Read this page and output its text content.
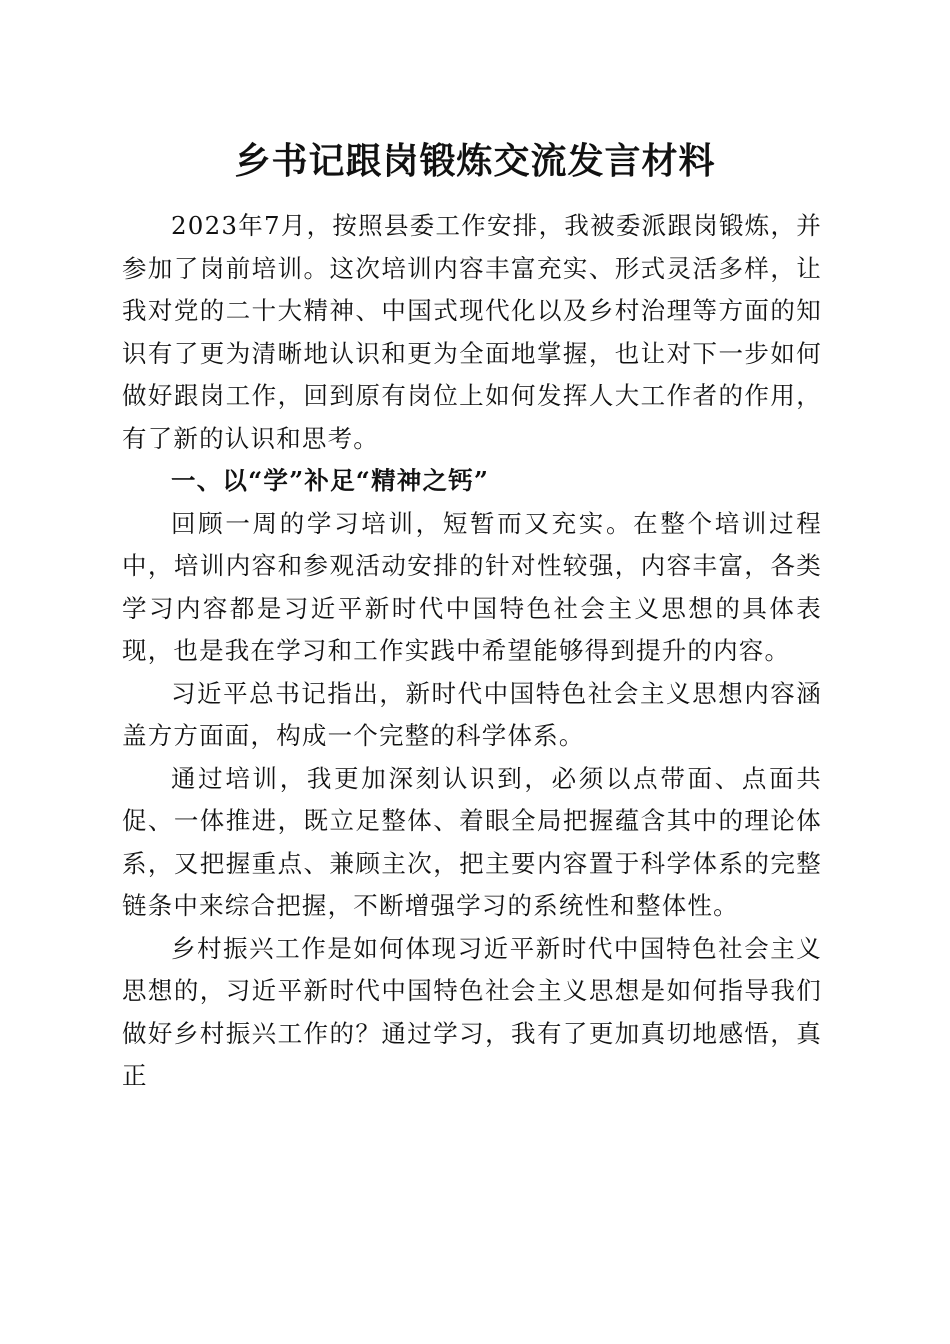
乡书记跟岗锻炼交流发言材料

2023年7月，按照县委工作安排，我被委派跟岗锻炼，并参加了岗前培训。这次培训内容丰富充实、形式灵活多样，让我对党的二十大精神、中国式现代化以及乡村治理等方面的知识有了更为清晰地认识和更为全面地掌握，也让对下一步如何做好跟岗工作，回到原有岗位上如何发挥人大工作者的作用，有了新的认识和思考。

一、以“学”补足“精神之钙”

回顾一周的学习培训，短暂而又充实。在整个培训过程中，培训内容和参观活动安排的针对性较强，内容丰富，各类学习内容都是习近平新时代中国特色社会主义思想的具体表现，也是我在学习和工作实践中希望能够得到提升的内容。

习近平总书记指出，新时代中国特色社会主义思想内容涵盖方方面面，构成一个完整的科学体系。

通过培训，我更加深刻认识到，必须以点带面、点面共促、一体推进，既立足整体、着眼全局把握蕴含其中的理论体系，又把握重点、兼顾主次，把主要内容置于科学体系的完整链条中来综合把握，不断增强学习的系统性和整体性。

乡村振兴工作是如何体现习近平新时代中国特色社会主义思想的，习近平新时代中国特色社会主义思想是如何指导我们做好乡村振兴工作的？通过学习，我有了更加真切地感悟，真正
